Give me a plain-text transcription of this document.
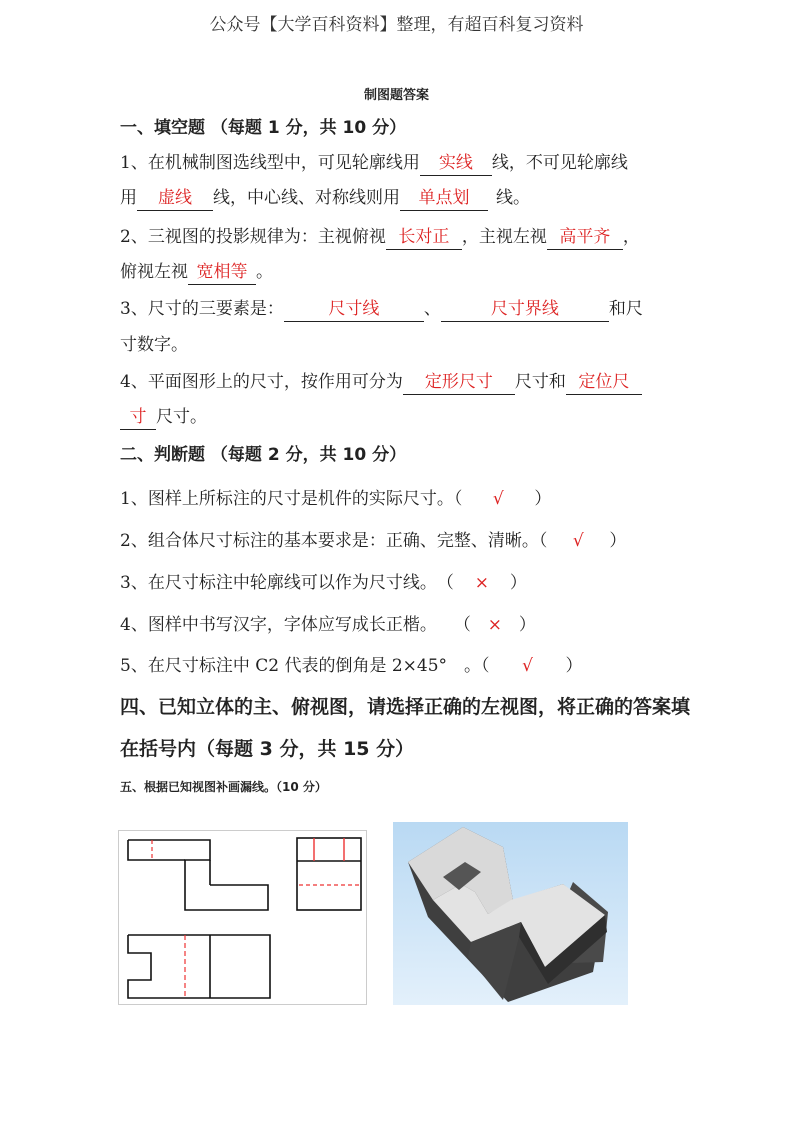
公众号【大学百科资料】整理，有超百科复习资料
制图题答案
一、填空题 （每题 1 分，共 10 分）
1、在机械制图选线型中，可见轮廓线用 实线 线，不可见轮廓线
用 虚线 线，中心线、对称线则用 单点划 线。
2、三视图的投影规律为：主视俯视 长对正 ，主视左视 高平齐 ，
俯视左视 宽相等 。
3、尺寸的三要素是：	尺寸线	、	尺寸界线	和尺
寸数字。
4、平面图形上的尺寸，按作用可分为 定形尺寸 尺寸和 定位尺
寸 尺寸。
二、判断题 （每题 2 分，共 10 分）
1、图样上所标注的尺寸是机件的实际尺寸。（ √ ）
2、组合体尺寸标注的基本要求是：正确、完整、清晰。（ √ ）
3、在尺寸标注中轮廓线可以作为尺寸线。　（ × ）
4、图样中书写汉字，字体应写成长正楷。　　（ × ）
5、在尺寸标注中 C2 代表的倒角是 2×45°　。（ √ ）
四、已知立体的主、俯视图，请选择正确的左视图，将正确的答案填
在括号内（每题 3 分，共 15 分）
五、根据已知视图补画漏线。（10 分）
